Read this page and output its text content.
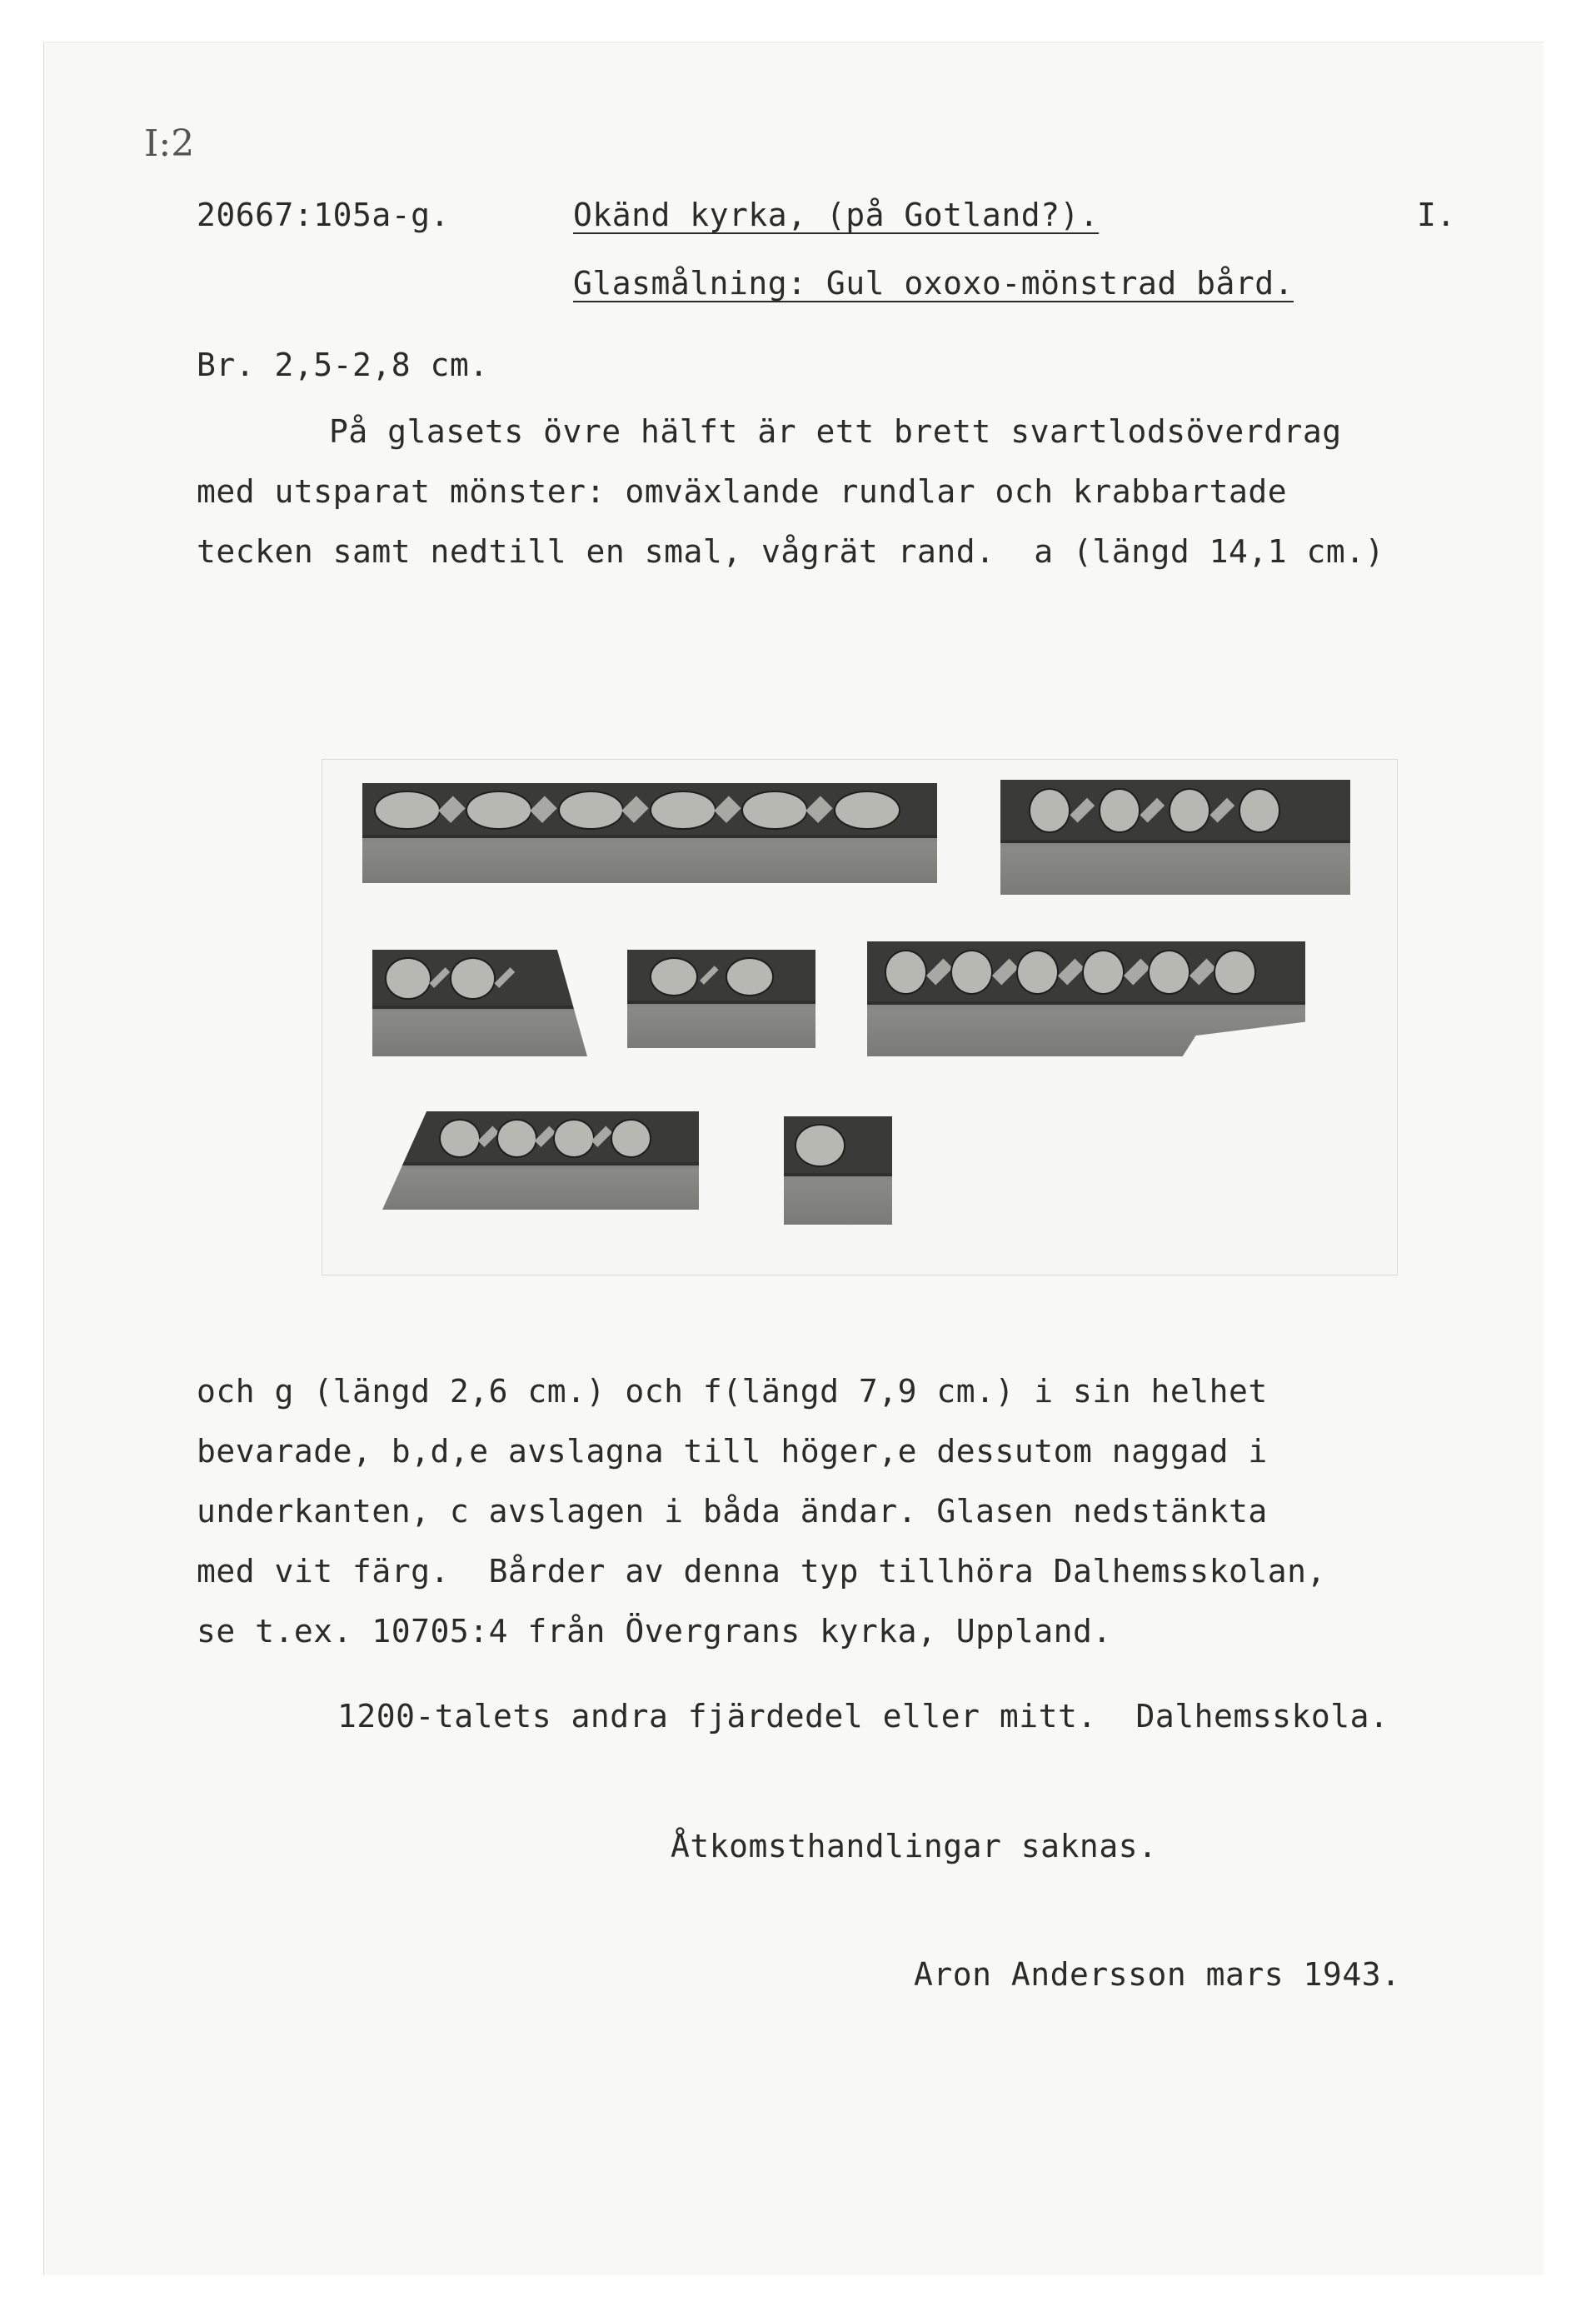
I:2
20667:105a-g.	Okänd kyrka, (på Gotland?).	I.
Glasmålning: Gul oxoxo-mönstrad bård.
Br. 2,5-2,8 cm.
På glasets övre hälft är ett brett svartlodsöverdrag
med utsparat mönster: omväxlande rundlar och krabbartade
tecken samt nedtill en smal, vågrät rand.  a (längd 14,1 cm.)
och g (längd 2,6 cm.) och f(längd 7,9 cm.) i sin helhet
bevarade, b,d,e avslagna till höger,e dessutom naggad i
underkanten, c avslagen i båda ändar. Glasen nedstänkta
med vit färg.  Bårder av denna typ tillhöra Dalhemsskolan,
se t.ex. 10705:4 från Övergrans kyrka, Uppland.
1200-talets andra fjärdedel eller mitt.  Dalhemsskola.
Åtkomsthandlingar saknas.
Aron Andersson mars 1943.
